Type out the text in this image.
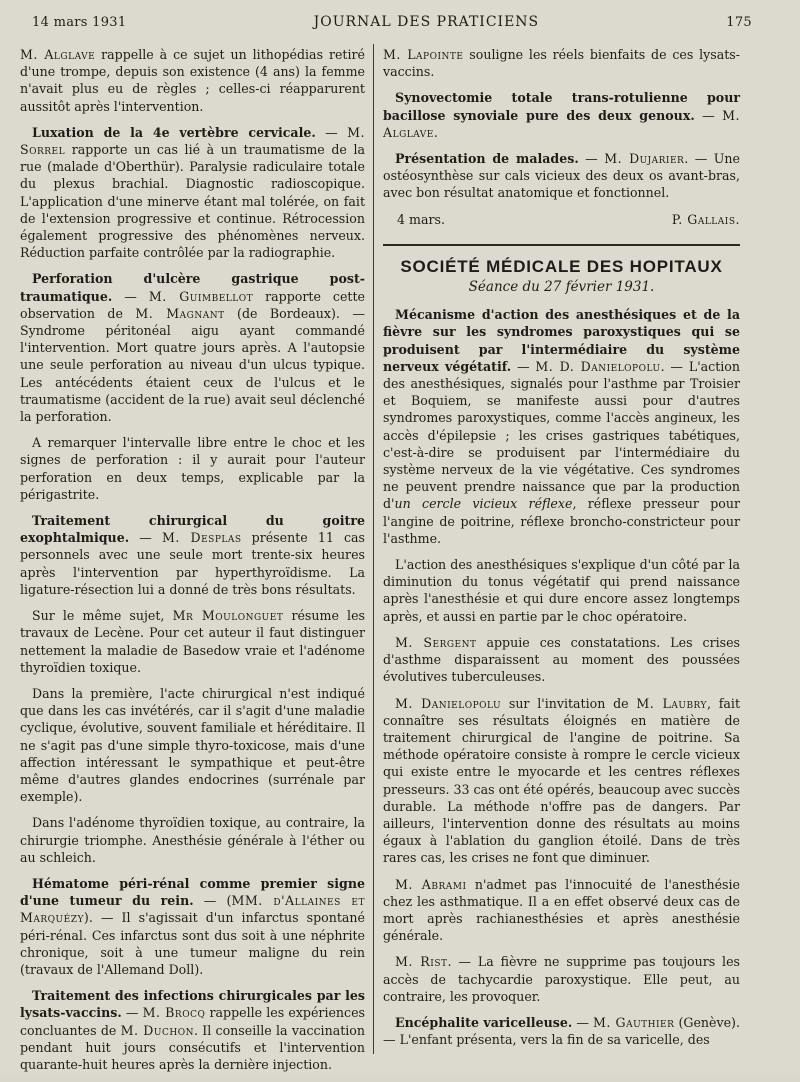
14 mars 1931	JOURNAL DES PRATICIENS	175

M. Alglave rappelle à ce sujet un lithopédias retiré d'une trompe, depuis son existence (4 ans) la femme n'avait plus eu de règles ; celles-ci réapparurent aussitôt après l'intervention.

Luxation de la 4e vertèbre cervicale. — M. Sorrel rapporte un cas lié à un traumatisme de la rue (malade d'Oberthür). Paralysie radiculaire totale du plexus brachial. Diagnostic radioscopique. L'application d'une minerve étant mal tolérée, on fait de l'extension progressive et continue. Rétrocession également progressive des phénomènes nerveux. Réduction parfaite contrôlée par la radiographie.

Perforation d'ulcère gastrique post-traumatique. — M. Guimbellot rapporte cette observation de M. Magnant (de Bordeaux). — Syndrome péritonéal aigu ayant commandé l'intervention. Mort quatre jours après. A l'autopsie une seule perforation au niveau d'un ulcus typique. Les antécédents étaient ceux de l'ulcus et le traumatisme (accident de la rue) avait seul déclenché la perforation.

A remarquer l'intervalle libre entre le choc et les signes de perforation : il y aurait pour l'auteur perforation en deux temps, explicable par la périgastrite.

Traitement chirurgical du goitre exophtalmique. — M. Desplas présente 11 cas personnels avec une seule mort trente-six heures après l'intervention par hyperthyroïdisme. La ligature-résection lui a donné de très bons résultats.

Sur le même sujet, Mr Moulonguet résume les travaux de Lecène. Pour cet auteur il faut distinguer nettement la maladie de Basedow vraie et l'adénome thyroïdien toxique.

Dans la première, l'acte chirurgical n'est indiqué que dans les cas invétérés, car il s'agit d'une maladie cyclique, évolutive, souvent familiale et héréditaire. Il ne s'agit pas d'une simple thyro-toxicose, mais d'une affection intéressant le sympathique et peut-être même d'autres glandes endocrines (surrénale par exemple).

Dans l'adénome thyroïdien toxique, au contraire, la chirurgie triomphe. Anesthésie générale à l'éther ou au schleich.

Hématome péri-rénal comme premier signe d'une tumeur du rein. — (MM. d'Allaines et Marquézy). — Il s'agissait d'un infarctus spontané péri-rénal. Ces infarctus sont dus soit à une néphrite chronique, soit à une tumeur maligne du rein (travaux de l'Allemand Doll).

Traitement des infections chirurgicales par les lysats-vaccins. — M. Brocq rappelle les expériences concluantes de M. Duchon. Il conseille la vaccination pendant huit jours consécutifs et l'intervention quarante-huit heures après la dernière injection.

M. Lapointe souligne les réels bienfaits de ces lysats-vaccins.

Synovectomie totale trans-rotulienne pour bacillose synoviale pure des deux genoux. — M. Alglave.

Présentation de malades. — M. Dujarier. — Une ostéosynthèse sur cals vicieux des deux os avant-bras, avec bon résultat anatomique et fonctionnel.

4 mars.	P. Gallais.
SOCIÉTÉ MÉDICALE DES HOPITAUX
Séance du 27 février 1931.

Mécanisme d'action des anesthésiques et de la fièvre sur les syndromes paroxystiques qui se produisent par l'intermédiaire du système nerveux végétatif. — M. D. Danielopolu. — L'action des anesthésiques, signalés pour l'asthme par Troisier et Boquiem, se manifeste aussi pour d'autres syndromes paroxystiques, comme l'accès angineux, les accès d'épilepsie ; les crises gastriques tabétiques, c'est-à-dire se produisent par l'intermédiaire du système nerveux de la vie végétative. Ces syndromes ne peuvent prendre naissance que par la production d'un cercle vicieux réflexe, réflexe presseur pour l'angine de poitrine, réflexe broncho-constricteur pour l'asthme.

L'action des anesthésiques s'explique d'un côté par la diminution du tonus végétatif qui prend naissance après l'anesthésie et qui dure encore assez longtemps après, et aussi en partie par le choc opératoire.

M. Sergent appuie ces constatations. Les crises d'asthme disparaissent au moment des poussées évolutives tuberculeuses.

M. Danielopolu sur l'invitation de M. Laubry, fait connaître ses résultats éloignés en matière de traitement chirurgical de l'angine de poitrine. Sa méthode opératoire consiste à rompre le cercle vicieux qui existe entre le myocarde et les centres réflexes presseurs. 33 cas ont été opérés, beaucoup avec succès durable. La méthode n'offre pas de dangers. Par ailleurs, l'intervention donne des résultats au moins égaux à l'ablation du ganglion étoilé. Dans de très rares cas, les crises ne font que diminuer.

M. Abrami n'admet pas l'innocuité de l'anesthésie chez les asthmatique. Il a en effet observé deux cas de mort après rachianesthésies et après anesthésie générale.

M. Rist. — La fièvre ne supprime pas toujours les accès de tachycardie paroxystique. Elle peut, au contraire, les provoquer.

Encéphalite varicelleuse. — M. Gauthier (Genève). — L'enfant présenta, vers la fin de sa varicelle, des
